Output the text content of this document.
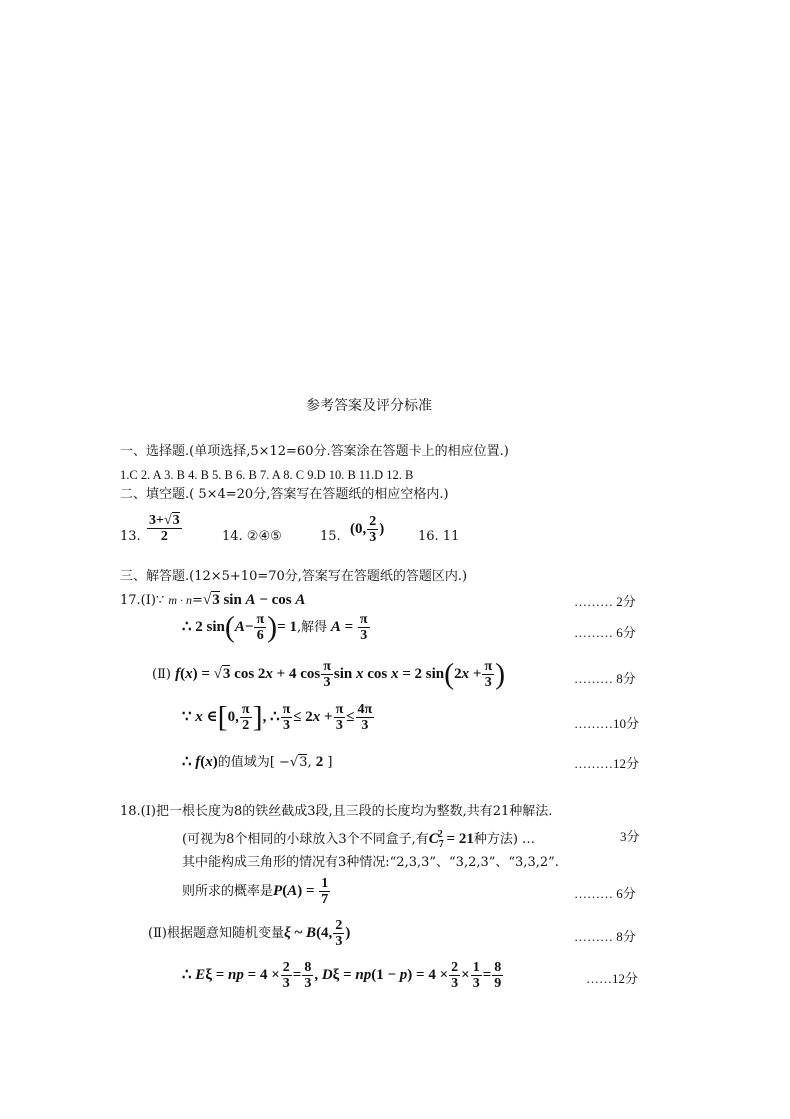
参考答案及评分标准
一、选择题.(单项选择,5×12=60分.答案涂在答题卡上的相应位置.)
1.C 2. A 3. B 4. B 5. B 6. B 7. A 8. C 9.D 10. B 11.D 12. B
二、填空题.( 5×4=20分,答案写在答题纸的相应空格内.)
13. $\frac{3+√3}{2}$	14. ②④⑤	15. (0, $\frac{2}{3}$ )	16. 11
三、解答题.(12×5+10=70分,答案写在答题纸的答题区内.)
17.(Ⅰ)∵ m · n=√3 sin A − cos A	……… 2分
∴ 2 $\sin(A- \frac{\pi}{6}$ )= 1,解得 $A = \frac{\pi}{3}$	……… 6分
(Ⅱ) f(x) = √3 cos 2x + 4 $\cos \frac{\pi}{3}$ sin x cos x = 2 $\sin(2x + \frac{\pi}{3}$ )	……… 8分
∵ x ∈[0, $\frac{\pi}{2}$ ], ∴ $\frac{\pi}{3} \le 2x + \frac{\pi}{3} \le \frac{4\pi}{3}$	………10分
∴ f(x)的值域为[ −√3, 2 ]	………12分
18.(Ⅰ)把一根长度为8的铁丝截成3段,且三段的长度均为整数,共有21种解法.
(可视为8个相同的小球放入3个不同盒子,有$C_7^2 = 21$种方法) …	3分
其中能构成三角形的情况有3种情况:“2,3,3”、“3,2,3”、“3,3,2”.
则所求的概率是$P(A) = \frac{1}{7}$	……… 6分
(Ⅱ)根据题意知随机变量ξ ~ B(4, $\frac{2}{3}$ )	……… 8分
∴ Eξ = np = $4 \times \frac{2}{3} = \frac{8}{3}$ , $D\xi = np(1 - p) = 4 \times \frac{2}{3} \times \frac{1}{3} = \frac{8}{9}$	……12分
